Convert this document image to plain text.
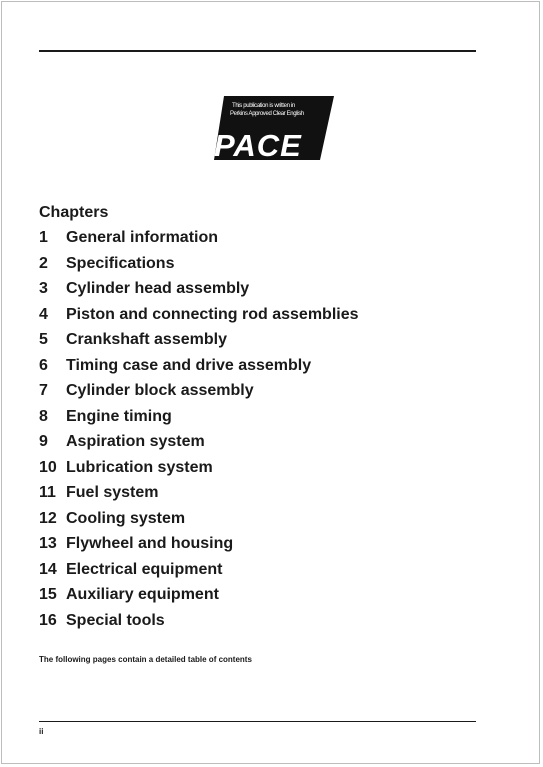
This publication is written in
Perkins Approved Clear English
PACE
Chapters
1 General information
2 Specifications
3 Cylinder head assembly
4 Piston and connecting rod assemblies
5 Crankshaft assembly
6 Timing case and drive assembly
7 Cylinder block assembly
8 Engine timing
9 Aspiration system
10 Lubrication system
11 Fuel system
12 Cooling system
13 Flywheel and housing
14 Electrical equipment
15 Auxiliary equipment
16 Special tools
The following pages contain a detailed table of contents
ii
